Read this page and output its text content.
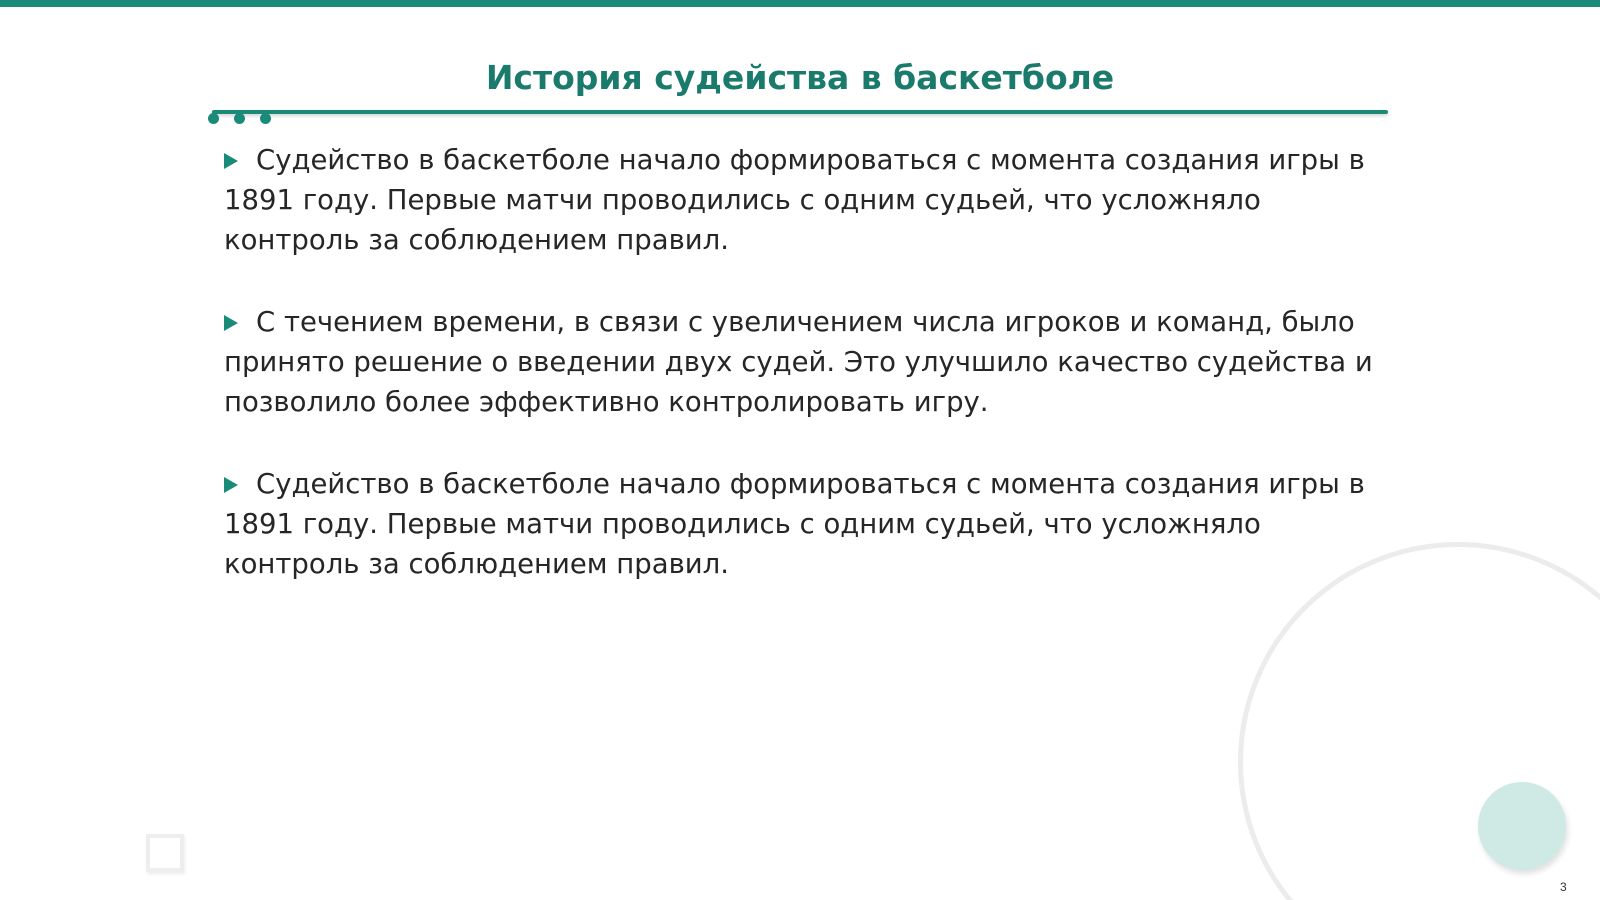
История судейства в баскетболе

Судейство в баскетболе начало формироваться с момента создания игры в 1891 году. Первые матчи проводились с одним судьей, что усложняло контроль за соблюдением правил.

С течением времени, в связи с увеличением числа игроков и команд, было принято решение о введении двух судей. Это улучшило качество судейства и позволило более эффективно контролировать игру.

Судейство в баскетболе начало формироваться с момента создания игры в 1891 году. Первые матчи проводились с одним судьей, что усложняло контроль за соблюдением правил.

3
